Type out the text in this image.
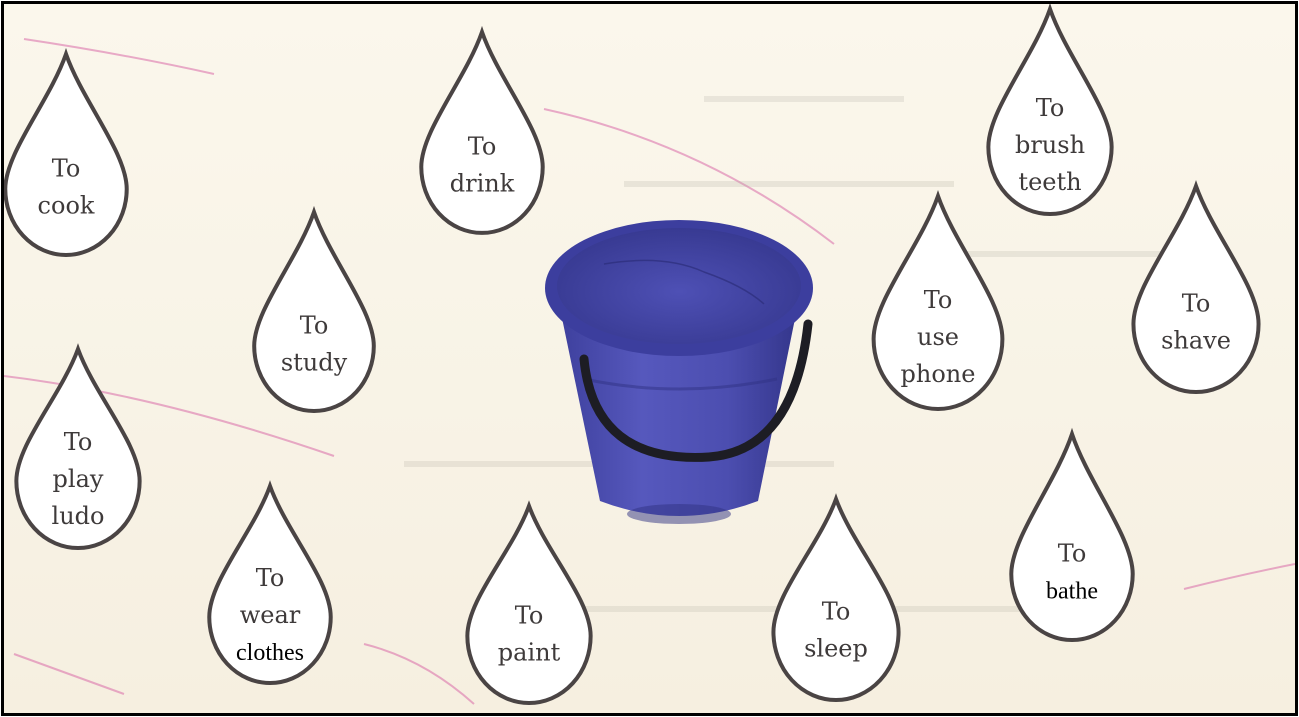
To
cook
To
drink
To
brush
teeth
To
study
To
use
phone
To
shave
To
play
ludo
To
wear
clothes
To
paint
To
sleep
To
bathe
